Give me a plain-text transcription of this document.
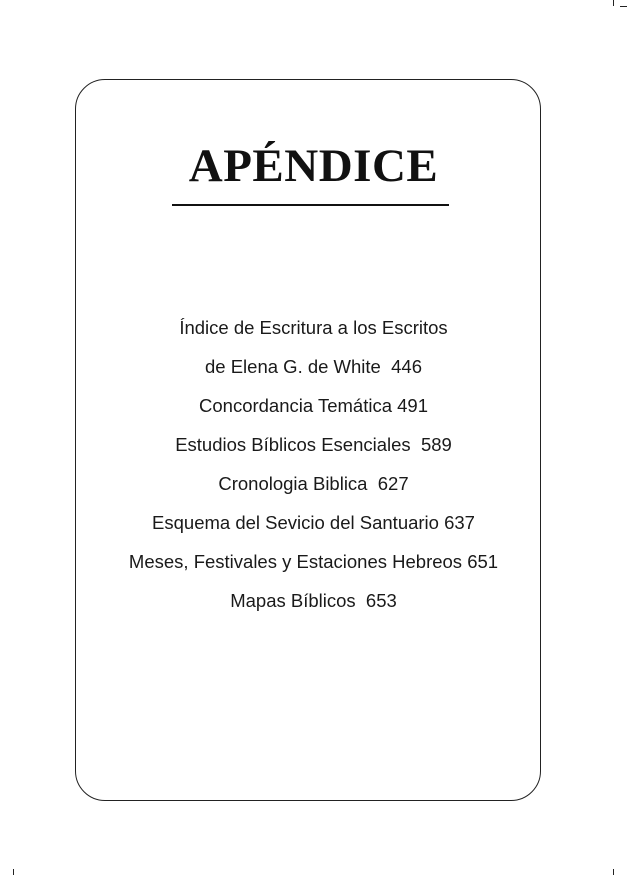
APÉNDICE
Índice de Escritura a los Escritos
de Elena G. de White  446
Concordancia Temática 491
Estudios Bíblicos Esenciales  589
Cronologia Biblica  627
Esquema del Sevicio del Santuario 637
Meses, Festivales y Estaciones Hebreos 651
Mapas Bíblicos  653
